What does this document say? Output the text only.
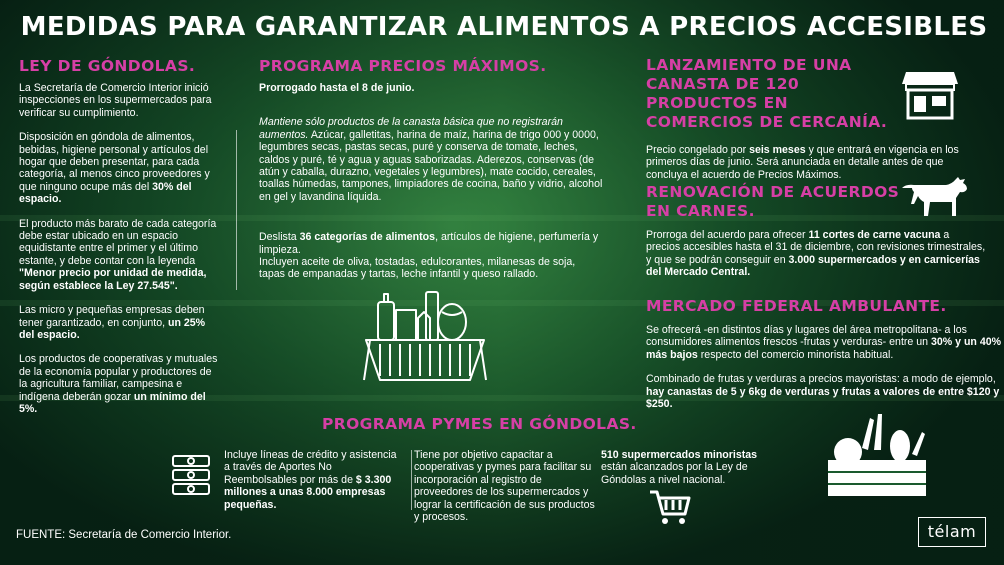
MEDIDAS PARA GARANTIZAR ALIMENTOS A PRECIOS ACCESIBLES
LEY DE GÓNDOLAS.

La Secretaría de Comercio Interior inició inspecciones en los supermercados para verificar su cumplimiento.

Disposición en góndola de alimentos, bebidas, higiene personal y artículos del hogar que deben presentar, para cada categoría, al menos cinco proveedores y que ninguno ocupe más del 30% del espacio.

El producto más barato de cada categoría debe estar ubicado en un espacio equidistante entre el primer y el último estante, y debe contar con la leyenda "Menor precio por unidad de medida, según establece la Ley 27.545".

Las micro y pequeñas empresas deben tener garantizado, en conjunto, un 25% del espacio.

Los productos de cooperativas y mutuales de la economía popular y productores de la agricultura familiar, campesina e indígena deberán gozar un mínimo del 5%.

PROGRAMA PRECIOS MÁXIMOS.

Prorrogado hasta el 8 de junio.

Mantiene sólo productos de la canasta básica que no registrarán aumentos. Azúcar, galletitas, harina de maíz, harina de trigo 000 y 0000, legumbres secas, pastas secas, puré y conserva de tomate, leches, caldos y puré, té y agua y aguas saborizadas. Aderezos, conservas (de atún y caballa, durazno, vegetales y legumbres), mate cocido, cereales, toallas húmedas, tampones, limpiadores de cocina, baño y vidrio, alcohol en gel y lavandina líquida.

Deslista 36 categorías de alimentos, artículos de higiene, perfumería y limpieza.
Incluyen aceite de oliva, tostadas, edulcorantes, milanesas de soja, tapas de empanadas y tartas, leche infantil y queso rallado.

LANZAMIENTO DE UNA CANASTA DE 120 PRODUCTOS EN COMERCIOS DE CERCANÍA.

Precio congelado por seis meses y que entrará en vigencia en los primeros días de junio. Será anunciada en detalle antes de que concluya el acuerdo de Precios Máximos.

RENOVACIÓN DE ACUERDOS EN CARNES.

Prorroga del acuerdo para ofrecer 11 cortes de carne vacuna a precios accesibles hasta el 31 de diciembre, con revisiones trimestrales, y que se podrán conseguir en 3.000 supermercados y en carnicerías del Mercado Central.

MERCADO FEDERAL AMBULANTE.

Se ofrecerá -en distintos días y lugares del área metropolitana- a los consumidores alimentos frescos -frutas y verduras- entre un 30% y un 40% más bajos respecto del comercio minorista habitual.

Combinado de frutas y verduras a precios mayoristas: a modo de ejemplo, hay canastas de 5 y 6kg de verduras y frutas a valores de entre $120 y $250.

PROGRAMA PYMES EN GÓNDOLAS.

Incluye líneas de crédito y asistencia a través de Aportes No Reembolsables por más de $ 3.300 millones a unas 8.000 empresas pequeñas.

Tiene por objetivo capacitar a cooperativas y pymes para facilitar su incorporación al registro de proveedores de los supermercados y lograr la certificación de sus productos y procesos.

510 supermercados minoristas están alcanzados por la Ley de Góndolas a nivel nacional.

FUENTE: Secretaría de Comercio Interior.	télam
